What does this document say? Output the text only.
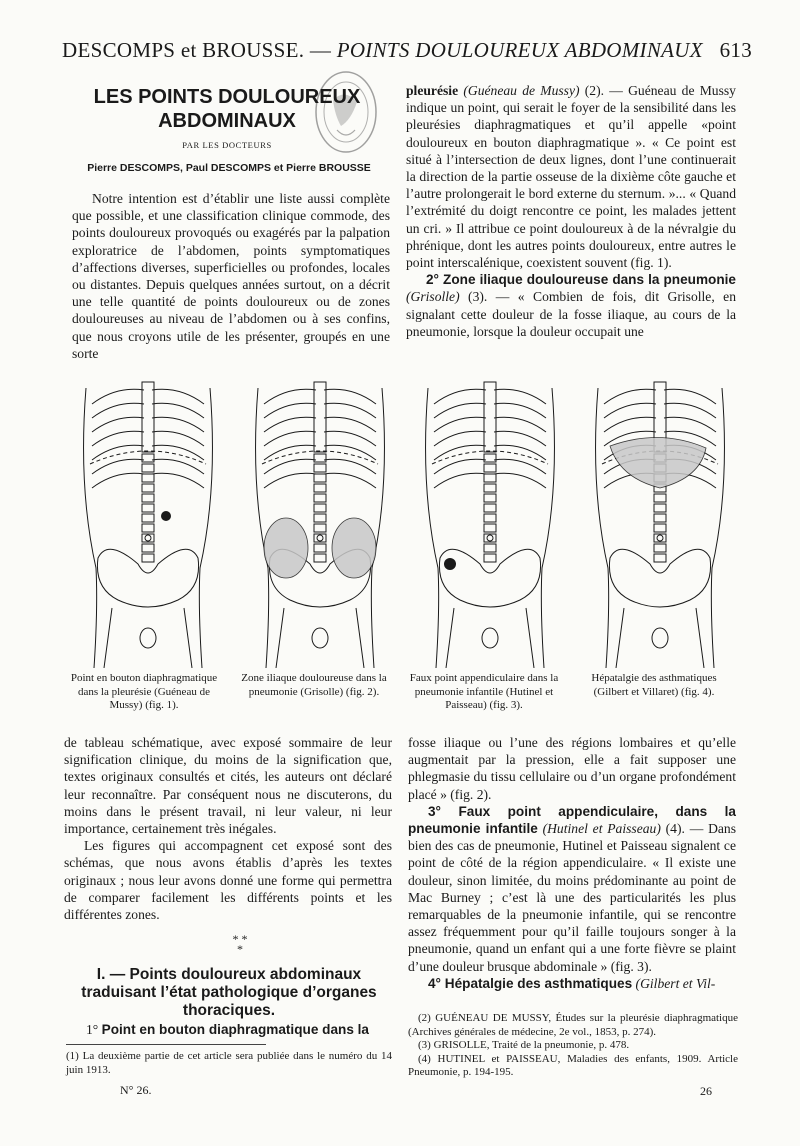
DESCOMPS et BROUSSE. — POINTS DOULOUREUX ABDOMINAUX 613
LES POINTS DOULOUREUX
ABDOMINAUX
PAR LES DOCTEURS
Pierre DESCOMPS, Paul DESCOMPS et Pierre BROUSSE

Notre intention est d’établir une liste aussi complète que possible, et une classification clinique commode, des points douloureux provoqués ou exagérés par la palpation exploratrice de l’abdomen, points symptomatiques d’affections diverses, superficielles ou profondes, locales ou distantes. Depuis quelques années surtout, on a décrit une telle quantité de points douloureux ou de zones douloureuses au niveau de l’abdomen ou à ses confins, que nous croyons utile de les présenter, groupés en une sorte

pleurésie (Guéneau de Mussy) (2). — Guéneau de Mussy indique un point, qui serait le foyer de la sensibilité dans les pleurésies diaphragmatiques et qu’il appelle «point douloureux en bouton diaphragmatique ». « Ce point est situé à l’intersection de deux lignes, dont l’une continuerait la direction de la partie osseuse de la dixième côte gauche et l’autre prolongerait le bord externe du sternum. »... « Quand l’extrémité du doigt rencontre ce point, les malades jettent un cri. » Il attribue ce point douloureux à de la névralgie du phrénique, dont les autres points douloureux, entre autres le point interscalénique, coexistent souvent (fig. 1).

2° Zone iliaque douloureuse dans la pneumonie (Grisolle) (3). — « Combien de fois, dit Grisolle, en signalant cette douleur de la fosse iliaque, au cours de la pneumonie, lorsque la douleur occupait une

Point en bouton diaphragmatique dans la pleurésie (Guéneau de Mussy) (fig. 1).
Zone iliaque douloureuse dans la pneumonie (Grisolle) (fig. 2).
Faux point appendiculaire dans la pneumonie infantile (Hutinel et Paisseau) (fig. 3).
Hépatalgie des asthmatiques (Gilbert et Villaret) (fig. 4).

de tableau schématique, avec exposé sommaire de leur signification clinique, du moins de la signification que, textes originaux consultés et cités, les auteurs ont déclaré leur reconnaître. Par conséquent nous ne discuterons, du moins dans le présent travail, ni leur valeur, ni leur importance, certainement très inégales.

Les figures qui accompagnent cet exposé sont des schémas, que nous avons établis d’après les textes originaux ; nous leur avons donné une forme qui permettra de comparer facilement les différents points et les différentes zones.

* *
*
I. — Points douloureux abdominaux traduisant l’état pathologique d’organes thoraciques.
1° Point en bouton diaphragmatique dans la
(1) La deuxième partie de cet article sera publiée dans le numéro du 14 juin 1913.
N° 26.

fosse iliaque ou l’une des régions lombaires et qu’elle augmentait par la pression, elle a fait supposer une phlegmasie du tissu cellulaire ou d’un organe profondément placé » (fig. 2).

3° Faux point appendiculaire, dans la pneumonie infantile (Hutinel et Paisseau) (4). — Dans bien des cas de pneumonie, Hutinel et Paisseau signalent ce point de côté de la région appendiculaire. « Il existe une douleur, sinon limitée, du moins prédominante au point de Mac Burney ; c’est là une des particularités les plus remarquables de la pneumonie infantile, qui se rencontre assez fréquemment pour qu’il faille toujours songer à la pneumonie, quand un enfant qui a une forte fièvre se plaint d’une douleur brusque abdominale » (fig. 3).

4° Hépatalgie des asthmatiques (Gilbert et Vil-

(2) GUÉNEAU DE MUSSY, Études sur la pleurésie diaphragmatique (Archives générales de médecine, 2e vol., 1853, p. 274).

(3) GRISOLLE, Traité de la pneumonie, p. 478.

(4) HUTINEL et PAISSEAU, Maladies des enfants, 1909. Article Pneumonie, p. 194-195.

26
